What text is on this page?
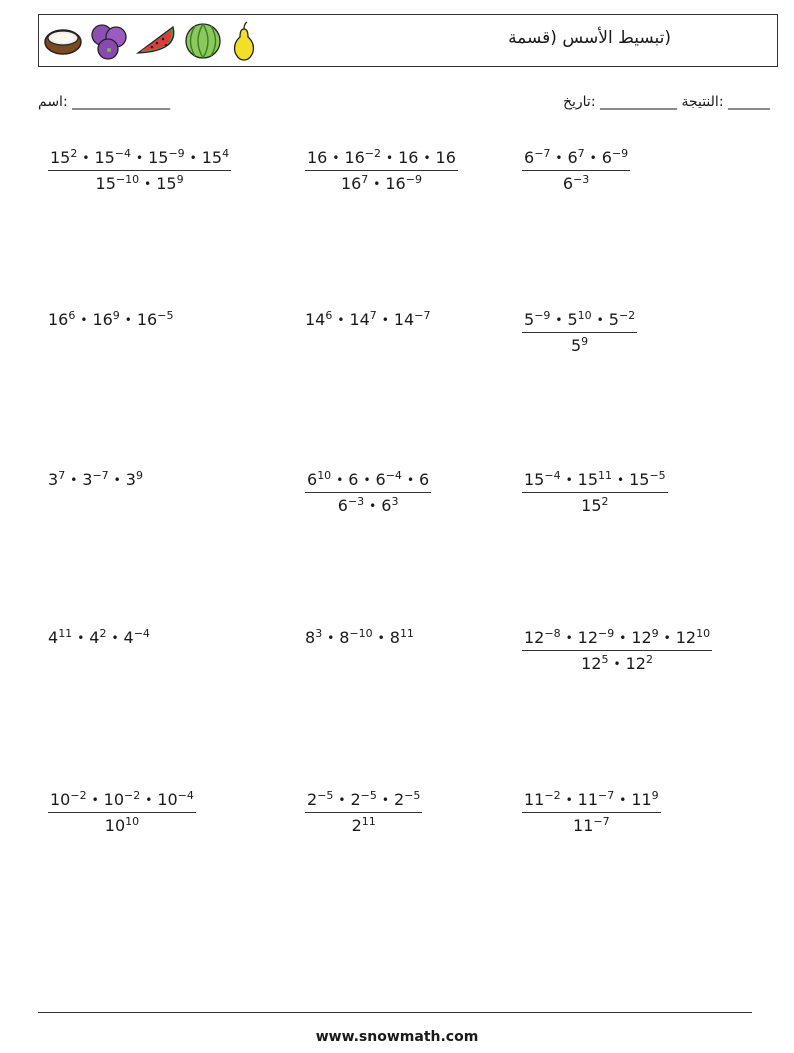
(تبسيط الأسس (قسمة
اسم: ______________	النتيجة ___________ :تاريخ: ______
$\frac{15^2 • 15^{-4} • 15^{-9} • 15^4}{15^{-10} • 15^9}$	$\frac{16 • 16^{-2} • 16 • 16}{16^7 • 16^{-9}}$	$\frac{6^{-7} • 6^7 • 6^{-9}}{6^{-3}}$
$16^6$ • $16^9$ • $16^{-5}$	$14^6$ • $14^7$ • $14^{-7}$	$\frac{5^{-9} • 5^{10} • 5^{-2}}{5^9}$
$3^7$ • $3^{-7}$ • $3^9$	$\frac{6^{10} • 6 • 6^{-4} • 6}{6^{-3} • 6^3}$	$\frac{15^{-4} • 15^{11} • 15^{-5}}{15^2}$
$4^{11}$ • $4^2$ • $4^{-4}$	$8^3$ • $8^{-10}$ • $8^{11}$	$\frac{12^{-8} • 12^{-9} • 12^9 • 12^{10}}{12^5 • 12^2}$
$\frac{10^{-2} • 10^{-2} • 10^{-4}}{10^{10}}$	$\frac{2^{-5} • 2^{-5} • 2^{-5}}{2^{11}}$	$\frac{11^{-2} • 11^{-7} • 11^9}{11^{-7}}$
www.snowmath.com
